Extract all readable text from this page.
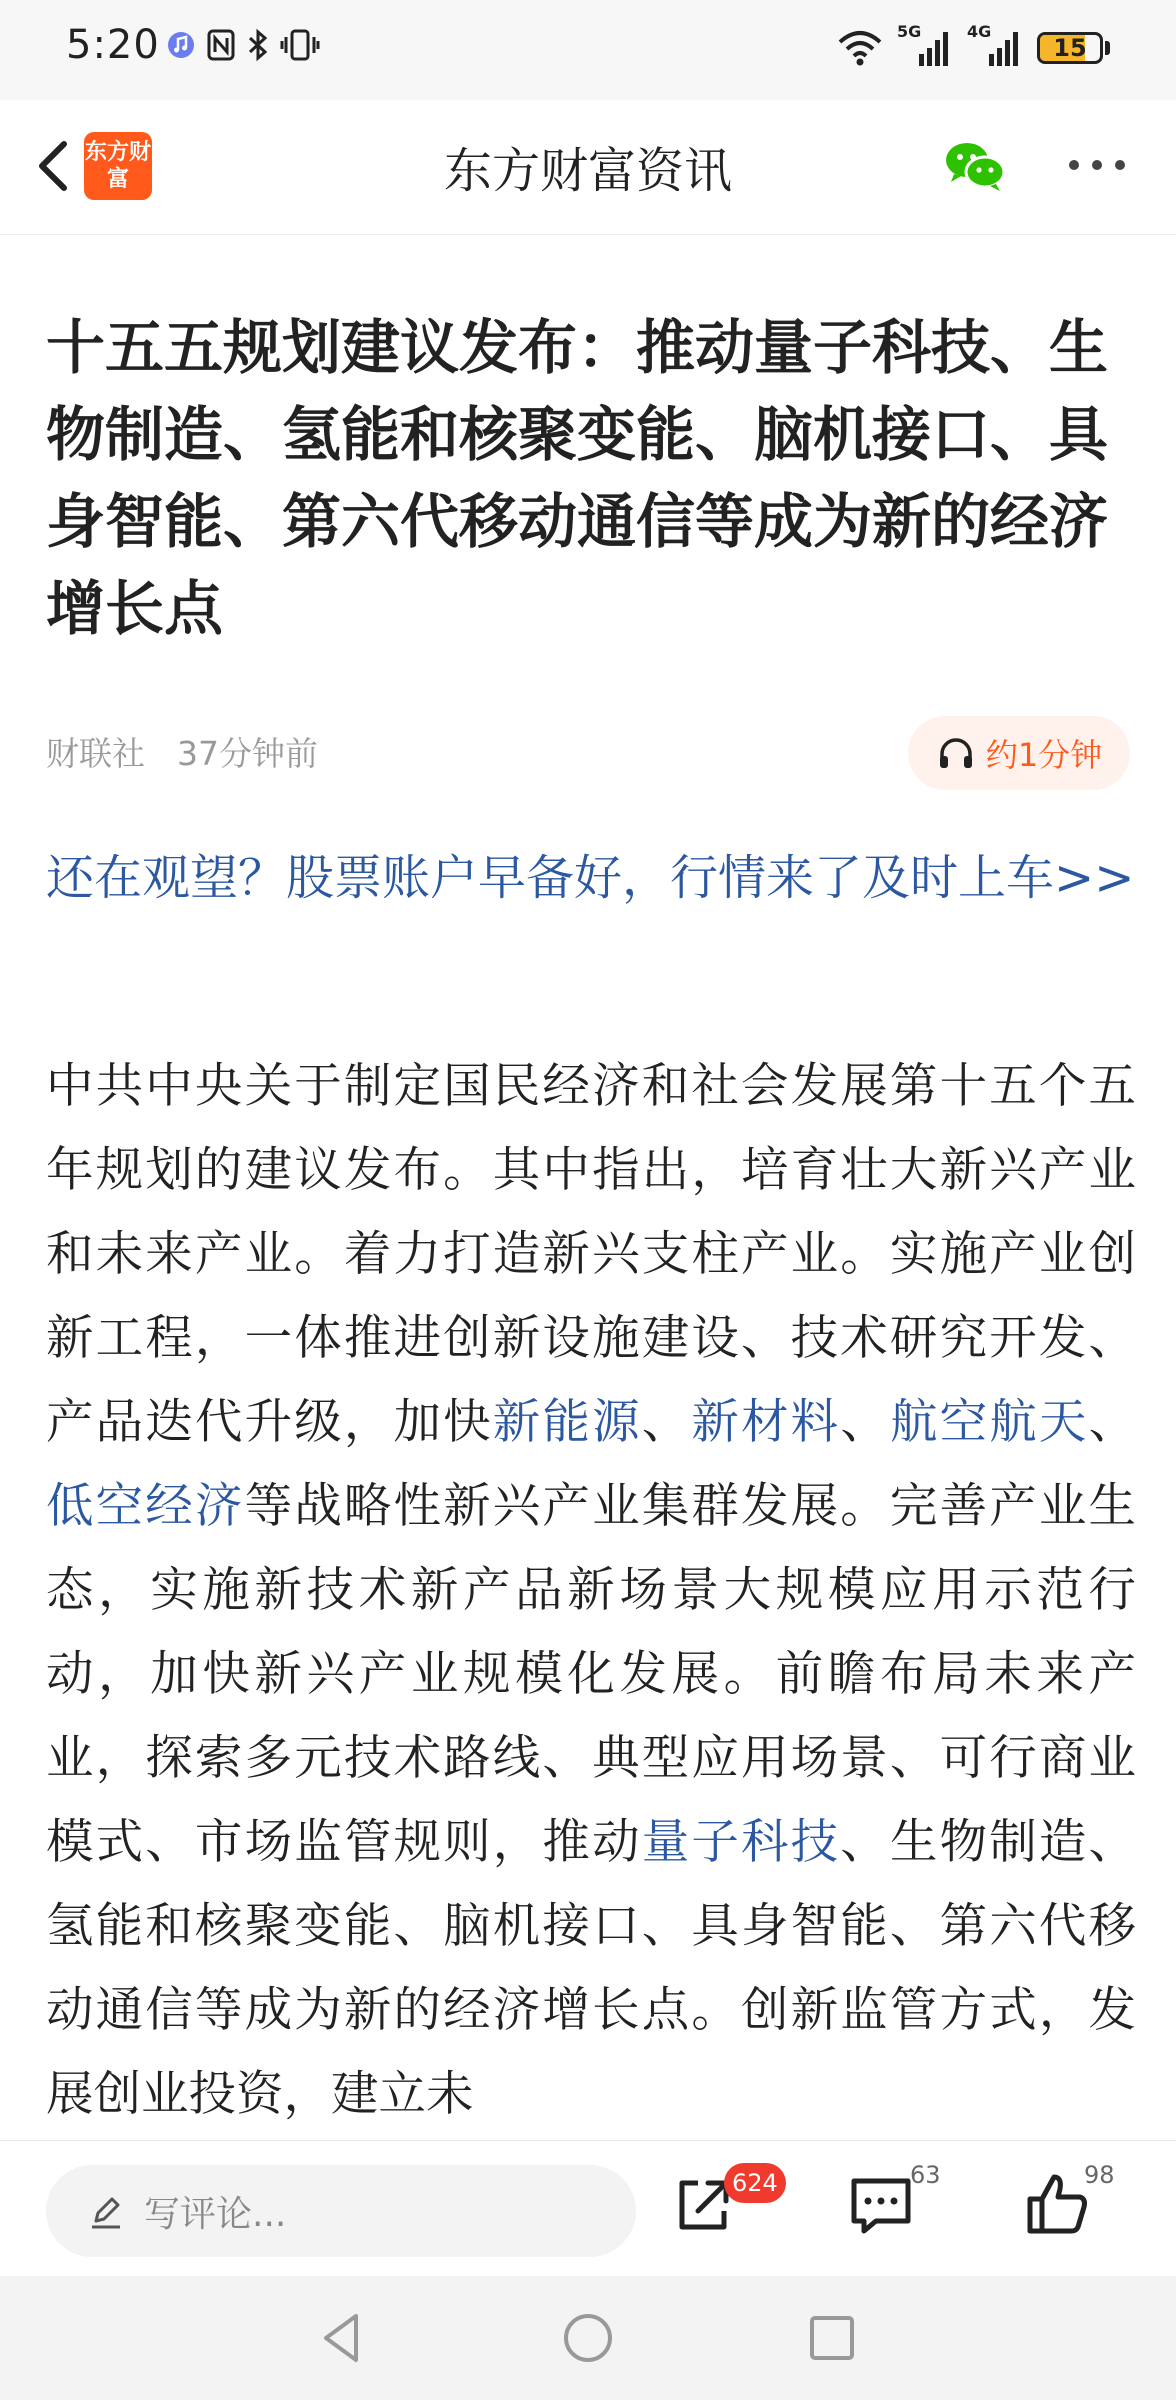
5:20	5G	4G
15
东方财富	东方财富资讯
十五五规划建议发布：推动量子科技、生物制造、氢能和核聚变能、脑机接口、具身智能、第六代移动通信等成为新的经济增长点
财联社 37分钟前	约1分钟
还在观望？股票账户早备好，行情来了及时上车>>
中共中央关于制定国民经济和社会发展第十五个五年规划的建议发布。其中指出，培育壮大新兴产业和未来产业。着力打造新兴支柱产业。实施产业创新工程，一体推进创新设施建设、技术研究开发、产品迭代升级，加快新能源、新材料、航空航天、低空经济等战略性新兴产业集群发展。完善产业生态，实施新技术新产品新场景大规模应用示范行动，加快新兴产业规模化发展。前瞻布局未来产业，探索多元技术路线、典型应用场景、可行商业模式、市场监管规则，推动量子科技、生物制造、氢能和核聚变能、脑机接口、具身智能、第六代移动通信等成为新的经济增长点。创新监管方式，发展创业投资，建立未
写评论...
624	63	98
